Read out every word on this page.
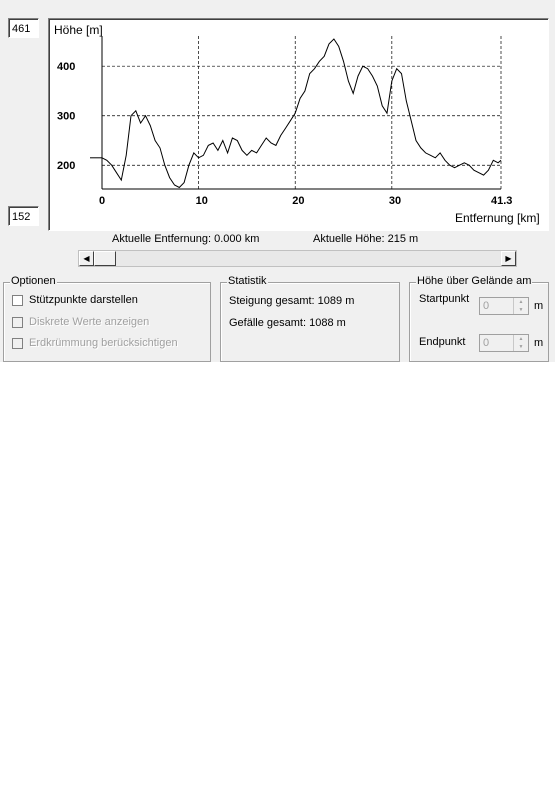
461
152
Höhe [m]
Entfernung [km]
200
300
400
0	10	20	30	41.3
Aktuelle Entfernung: 0.000 km	Aktuelle Höhe: 215 m
◀	▶
Optionen
Stützpunkte darstellen
Diskrete Werte anzeigen
Erdkrümmung berücksichtigen
Statistik
Steigung gesamt: 1089 m
Gefälle gesamt: 1088 m
Höhe über Gelände am
Startpunkt
0	▲
▼ m
Endpunkt 0	▲
▼ m
